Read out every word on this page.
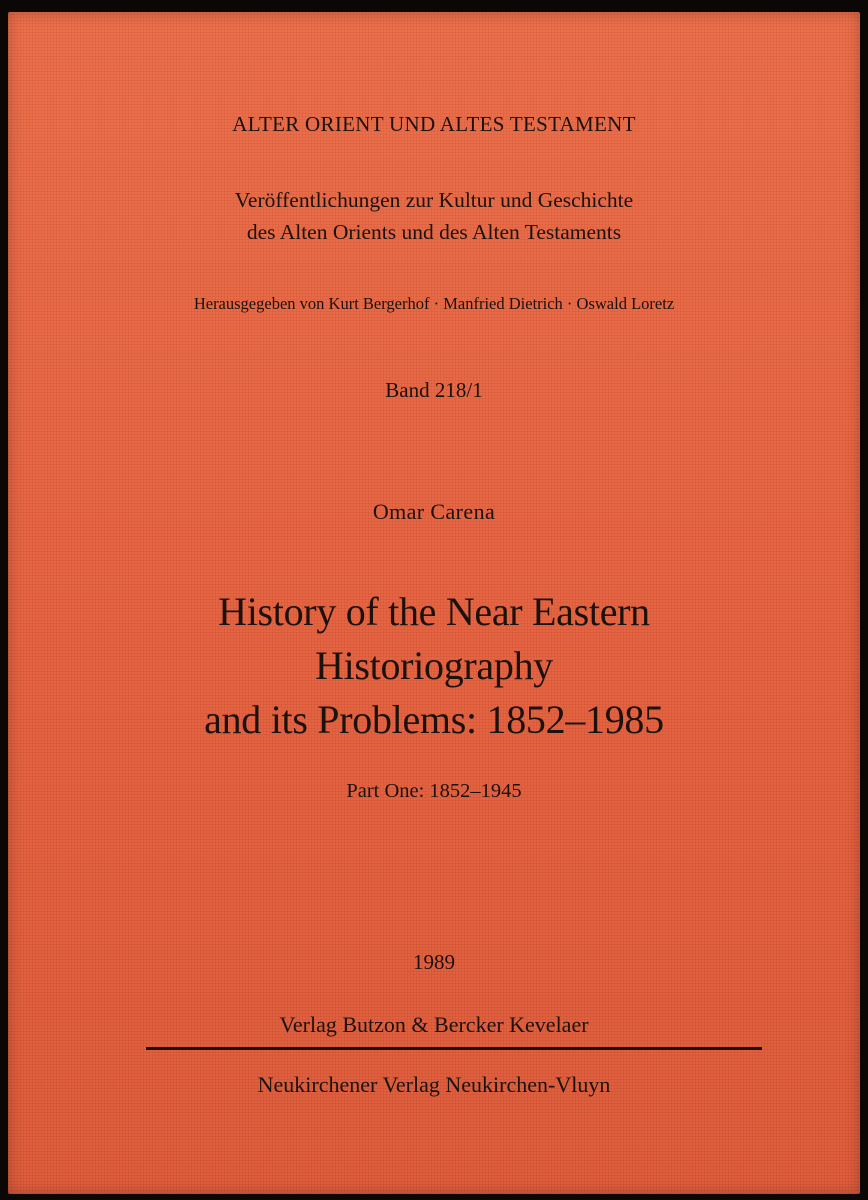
ALTER ORIENT UND ALTES TESTAMENT
Veröffentlichungen zur Kultur und Geschichte
des Alten Orients und des Alten Testaments
Herausgegeben von Kurt Bergerhof · Manfried Dietrich · Oswald Loretz
Band 218/1
Omar Carena
History of the Near Eastern
Historiography
and its Problems: 1852–1985
Part One: 1852–1945
1989
Verlag Butzon & Bercker Kevelaer
Neukirchener Verlag Neukirchen-Vluyn
